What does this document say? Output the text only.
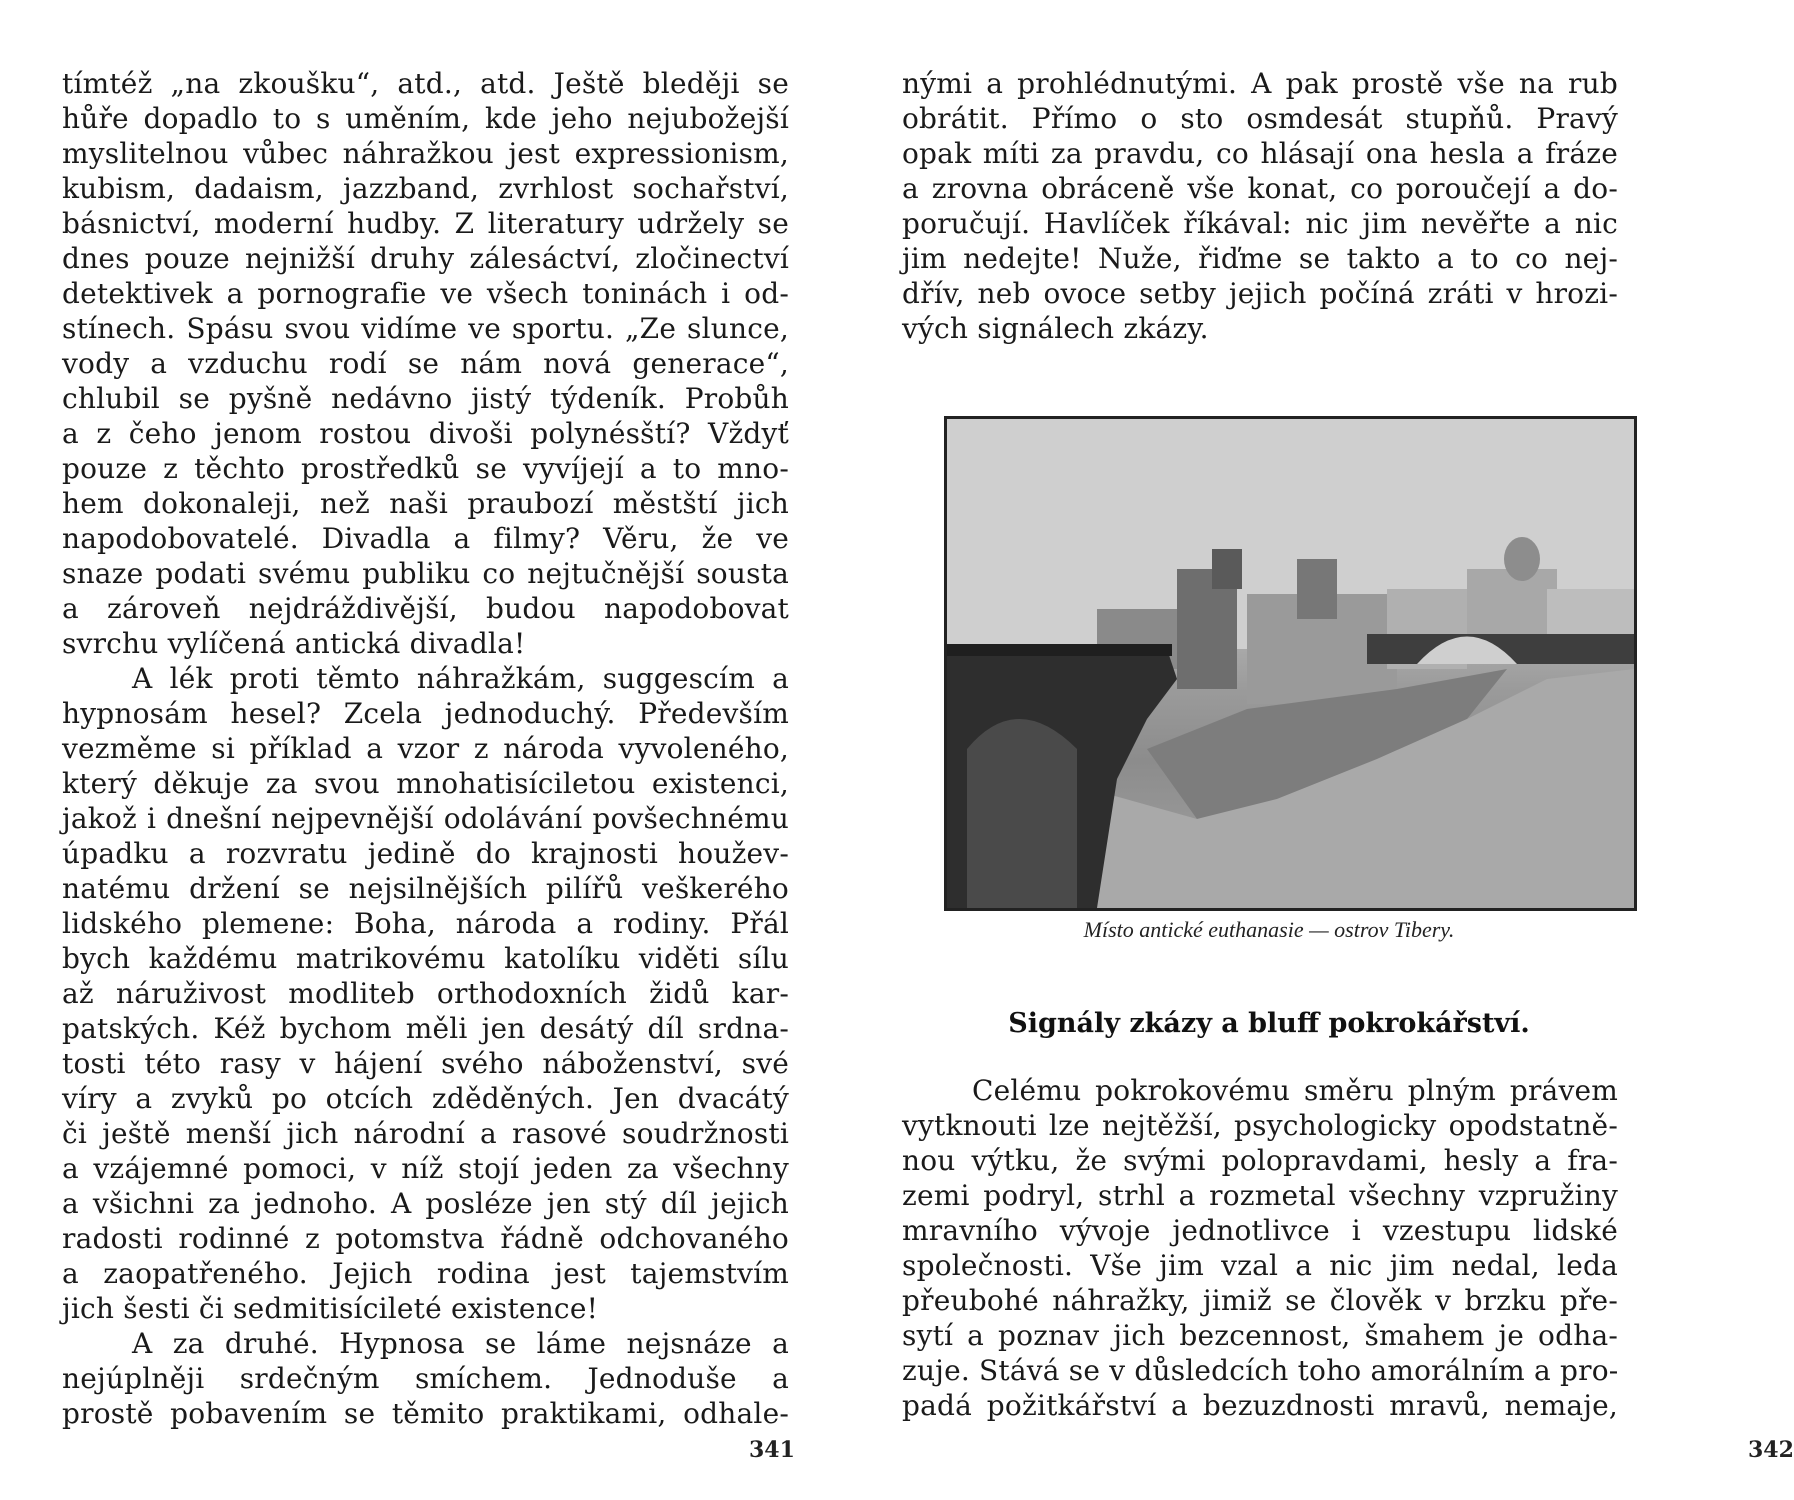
tímtéž „na zkoušku“, atd., atd. Ještě bleději se
hůře dopadlo to s uměním, kde jeho nejubožejší
myslitelnou vůbec náhražkou jest expressionism,
kubism, dadaism, jazzband, zvrhlost sochařství,
básnictví, moderní hudby. Z literatury udržely se
dnes pouze nejnižší druhy zálesáctví, zločinectví
detektivek a pornografie ve všech toninách i od-
stínech. Spásu svou vidíme ve sportu. „Ze slunce,
vody a vzduchu rodí se nám nová generace“,
chlubil se pyšně nedávno jistý týdeník. Probůh
a z čeho jenom rostou divoši polynésští? Vždyť
pouze z těchto prostředků se vyvíjejí a to mno-
hem dokonaleji, než naši praubozí městští jich
napodobovatelé. Divadla a filmy? Věru, že ve
snaze podati svému publiku co nejtučnější sousta
a zároveň nejdráždivější, budou napodobovat
svrchu vylíčená antická divadla!

A lék proti těmto náhražkám, suggescím a
hypnosám hesel? Zcela jednoduchý. Především
vezměme si příklad a vzor z národa vyvoleného,
který děkuje za svou mnohatisíciletou existenci,
jakož i dnešní nejpevnější odolávání povšechnému
úpadku a rozvratu jedině do krajnosti houžev-
natému držení se nejsilnějších pilířů veškerého
lidského plemene: Boha, národa a rodiny. Přál
bych každému matrikovému katolíku viděti sílu
až náruživost modliteb orthodoxních židů kar-
patských. Kéž bychom měli jen desátý díl srdna-
tosti této rasy v hájení svého náboženství, své
víry a zvyků po otcích zděděných. Jen dvacátý
či ještě menší jich národní a rasové soudržnosti
a vzájemné pomoci, v níž stojí jeden za všechny
a všichni za jednoho. A posléze jen stý díl jejich
radosti rodinné z potomstva řádně odchovaného
a zaopatřeného. Jejich rodina jest tajemstvím
jich šesti či sedmitisícileté existence!

A za druhé. Hypnosa se láme nejsnáze a
nejúplněji srdečným smíchem. Jednoduše a
prostě pobavením se těmito praktikami, odhale-

341

nými a prohlédnutými. A pak prostě vše na rub
obrátit. Přímo o sto osmdesát stupňů. Pravý
opak míti za pravdu, co hlásají ona hesla a fráze
a zrovna obráceně vše konat, co poroučejí a do-
poručují. Havlíček říkával: nic jim nevěřte a nic
jim nedejte! Nuže, řiďme se takto a to co nej-
dřív, neb ovoce setby jejich počíná zráti v hrozi-
vých signálech zkázy.

Celému pokrokovému směru plným právem
vytknouti lze nejtěžší, psychologicky opodstatně-
nou výtku, že svými polopravdami, hesly a fra-
zemi podryl, strhl a rozmetal všechny vzpružiny
mravního vývoje jednotlivce i vzestupu lidské
společnosti. Vše jim vzal a nic jim nedal, leda
přeubohé náhražky, jimiž se člověk v brzku pře-
sytí a poznav jich bezcennost, šmahem je odha-
zuje. Stává se v důsledcích toho amorálním a pro-
padá požitkářství a bezuzdnosti mravů, nemaje,

342
Místo antické euthanasie — ostrov Tibery.
Signály zkázy a bluff pokrokářství.
